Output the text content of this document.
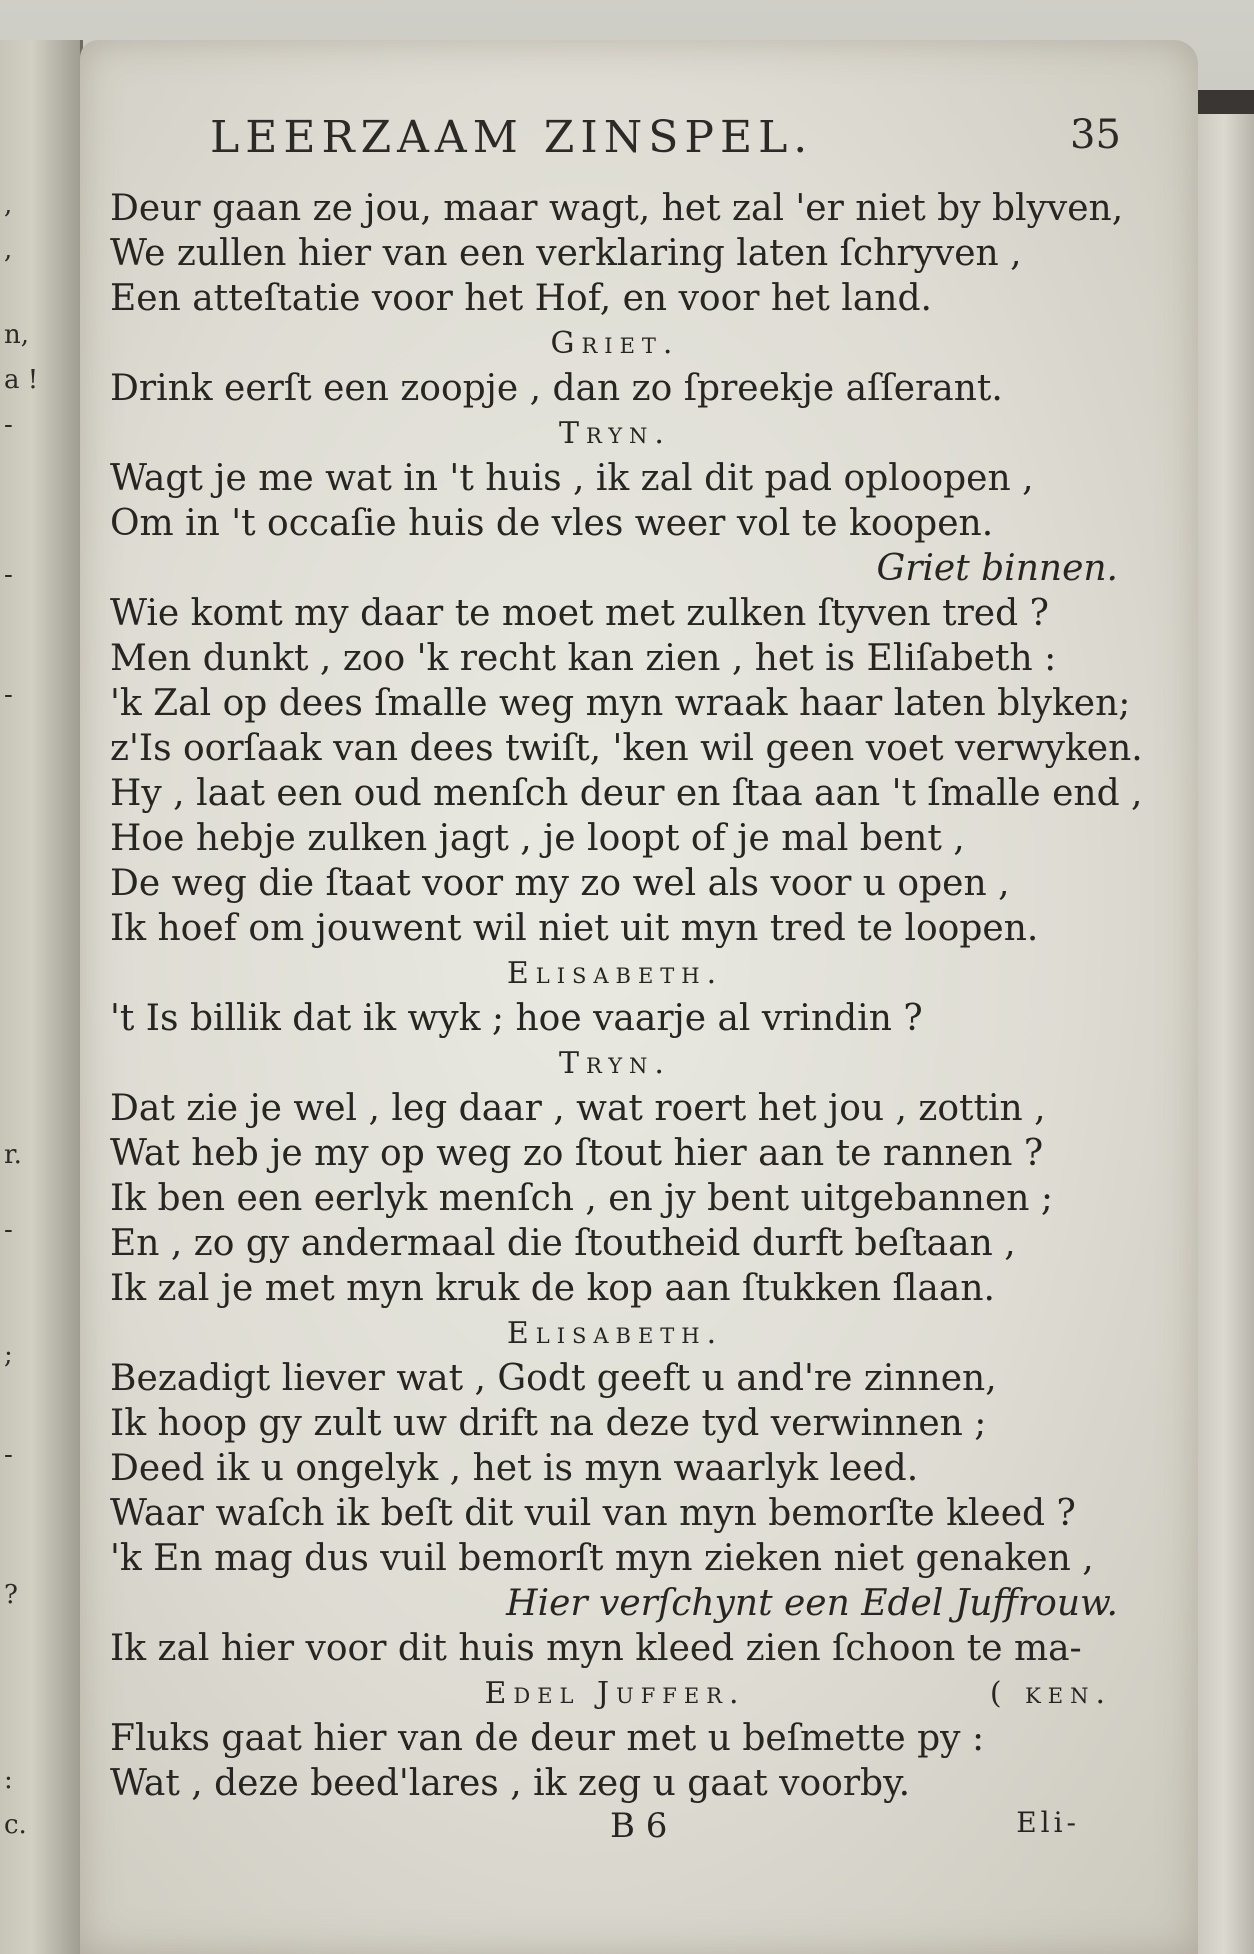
,
,
n,
a !
-
-
-
r.
-
;
-
?
:
c.
LEERZAAM ZINSPEL.	35
Deur gaan ze jou, maar wagt, het zal 'er niet by blyven,
We zullen hier van een verklaring laten ſchryven ,
Een atteſtatie voor het Hof, en voor het land.
Griet.
Drink eerſt een zoopje , dan zo ſpreekje aſſerant.
Tryn.
Wagt je me wat in 't huis , ik zal dit pad oploopen ,
Om in 't occaſie huis de vles weer vol te koopen.
Griet binnen.
Wie komt my daar te moet met zulken ſtyven tred ?
Men dunkt , zoo 'k recht kan zien , het is Eliſabeth :
'k Zal op dees ſmalle weg myn wraak haar laten blyken;
z'Is oorſaak van dees twiſt, 'ken wil geen voet verwyken.
Hy , laat een oud menſch deur en ſtaa aan 't ſmalle end ,
Hoe hebje zulken jagt , je loopt of je mal bent ,
De weg die ſtaat voor my zo wel als voor u open ,
Ik hoef om jouwent wil niet uit myn tred te loopen.
Elisabeth.
't Is billik dat ik wyk ; hoe vaarje al vrindin ?
Tryn.
Dat zie je wel , leg daar , wat roert het jou , zottin ,
Wat heb je my op weg zo ſtout hier aan te rannen ?
Ik ben een eerlyk menſch , en jy bent uitgebannen ;
En , zo gy andermaal die ſtoutheid durft beſtaan ,
Ik zal je met myn kruk de kop aan ſtukken ſlaan.
Elisabeth.
Bezadigt liever wat , Godt geeft u and're zinnen,
Ik hoop gy zult uw drift na deze tyd verwinnen ;
Deed ik u ongelyk , het is myn waarlyk leed.
Waar waſch ik beſt dit vuil van myn bemorſte kleed ?
'k En mag dus vuil bemorſt myn zieken niet genaken ,
Hier verſchynt een Edel Juffrouw.
Ik zal hier voor dit huis myn kleed zien ſchoon te ma-
Edel Juffer.	( ken.
Fluks gaat hier van de deur met u beſmette py :
Wat , deze beed'lares , ik zeg u gaat voorby.
B 6	Eli-
